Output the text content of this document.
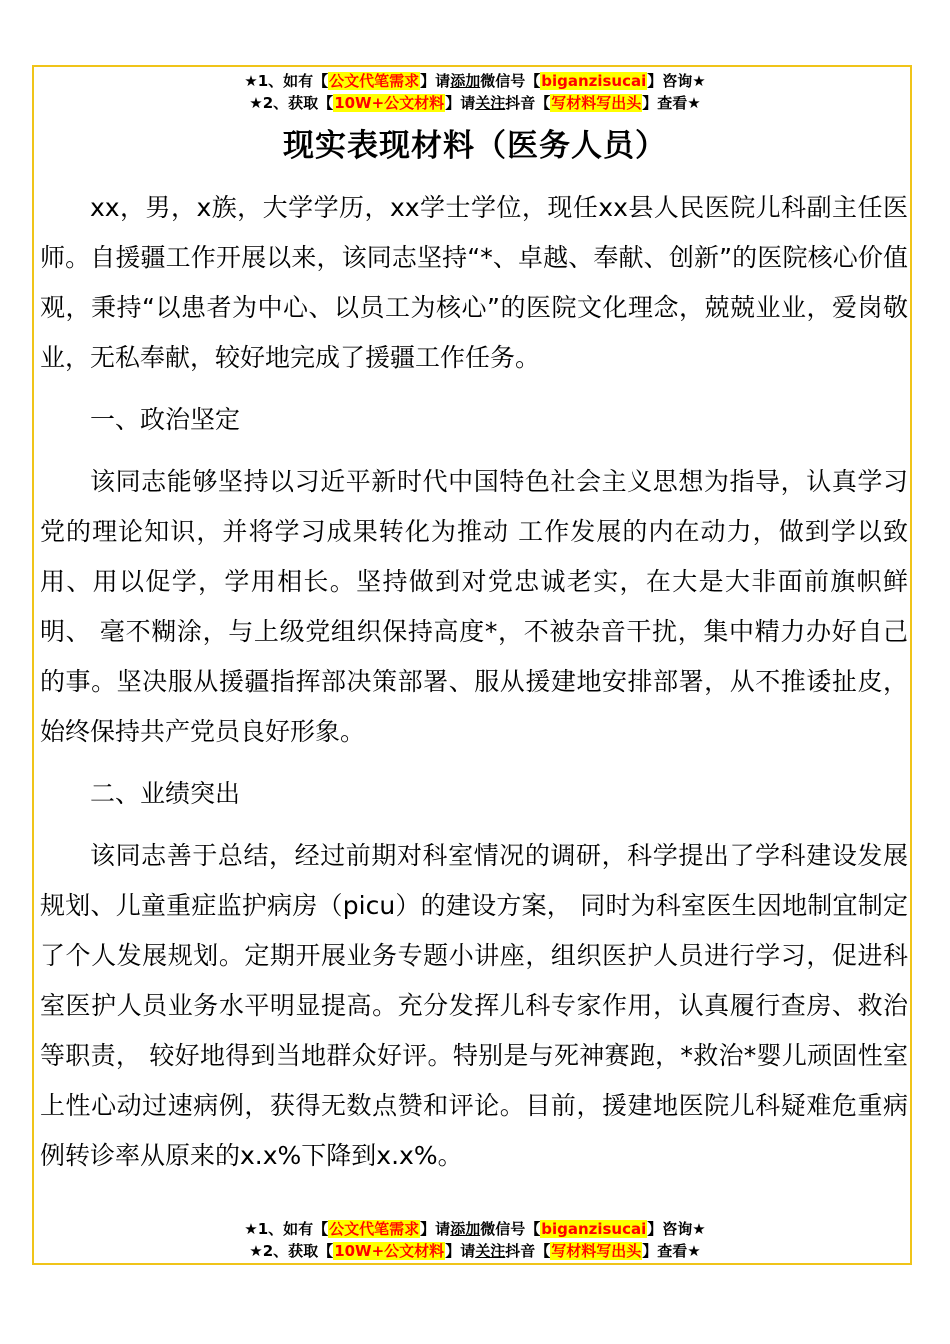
★1、如有【公文代笔需求】请添加微信号【biganzisucai】咨询★
★2、获取【10W+公文材料】请关注抖音【写材料写出头】查看★
现实表现材料（医务人员）

xx，男，x族，大学学历，xx学士学位，现任xx县人民医院儿科副主任医师。自援疆工作开展以来，该同志坚持“*、卓越、奉献、创新”的医院核心价值观，秉持“以患者为中心、以员工为核心”的医院文化理念，兢兢业业，爱岗敬业，无私奉献，较好地完成了援疆工作任务。

一、政治坚定

该同志能够坚持以习近平新时代中国特色社会主义思想为指导，认真学习党的理论知识，并将学习成果转化为推动 工作发展的内在动力，做到学以致用、用以促学，学用相长。坚持做到对党忠诚老实，在大是大非面前旗帜鲜明、 毫不糊涂，与上级党组织保持高度*，不被杂音干扰，集中精力办好自己的事。坚决服从援疆指挥部决策部署、服从援建地安排部署，从不推诿扯皮，始终保持共产党员良好形象。

二、业绩突出

该同志善于总结，经过前期对科室情况的调研，科学提出了学科建设发展规划、儿童重症监护病房（picu）的建设方案， 同时为科室医生因地制宜制定了个人发展规划。定期开展业务专题小讲座，组织医护人员进行学习，促进科室医护人员业务水平明显提高。充分发挥儿科专家作用，认真履行查房、救治等职责， 较好地得到当地群众好评。特别是与死神赛跑，*救治*婴儿顽固性室上性心动过速病例，获得无数点赞和评论。目前，援建地医院儿科疑难危重病例转诊率从原来的x.x%下降到x.x%。

★1、如有【公文代笔需求】请添加微信号【biganzisucai】咨询★
★2、获取【10W+公文材料】请关注抖音【写材料写出头】查看★
